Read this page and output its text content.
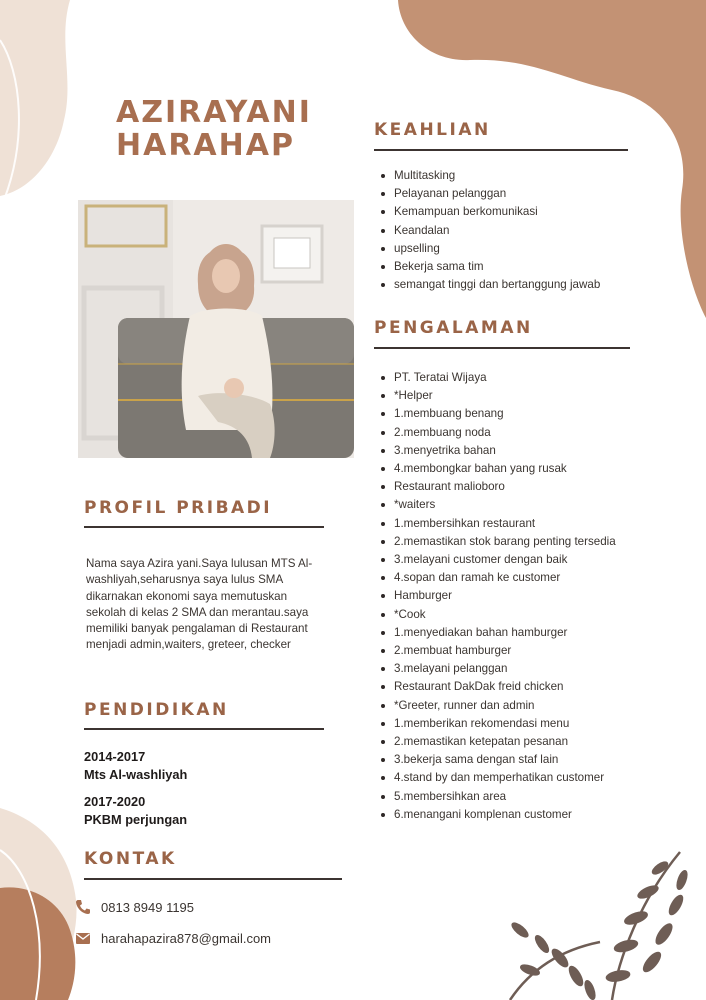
AZIRAYANI
HARAHAP
PROFIL PRIBADI

Nama saya Azira yani.Saya lulusan MTS Al-washliyah,seharusnya saya lulus SMA dikarnakan ekonomi saya memutuskan sekolah di kelas 2 SMA dan merantau.saya memiliki banyak pengalaman di Restaurant menjadi admin,waiters, greteer, checker

PENDIDIKAN

2014-2017

Mts Al-washliyah

2017-2020

PKBM perjungan

KONTAK
0813 8949 1195
harahapazira878@gmail.com
KEAHLIAN
Multitasking
Pelayanan pelanggan
Kemampuan berkomunikasi
Keandalan
upselling
Bekerja sama tim
semangat tinggi dan bertanggung jawab
PENGALAMAN
PT. Teratai Wijaya
*Helper
1.membuang benang
2.membuang noda
3.menyetrika bahan
4.membongkar bahan yang rusak
Restaurant malioboro
*waiters
1.membersihkan restaurant
2.memastikan stok barang penting tersedia
3.melayani customer dengan baik
4.sopan dan ramah ke customer
Hamburger
*Cook
1.menyediakan bahan hamburger
2.membuat hamburger
3.melayani pelanggan
Restaurant DakDak freid chicken
*Greeter, runner dan admin
1.memberikan rekomendasi menu
2.memastikan ketepatan pesanan
3.bekerja sama dengan staf lain
4.stand by dan memperhatikan customer
5.membersihkan area
6.menangani komplenan customer
